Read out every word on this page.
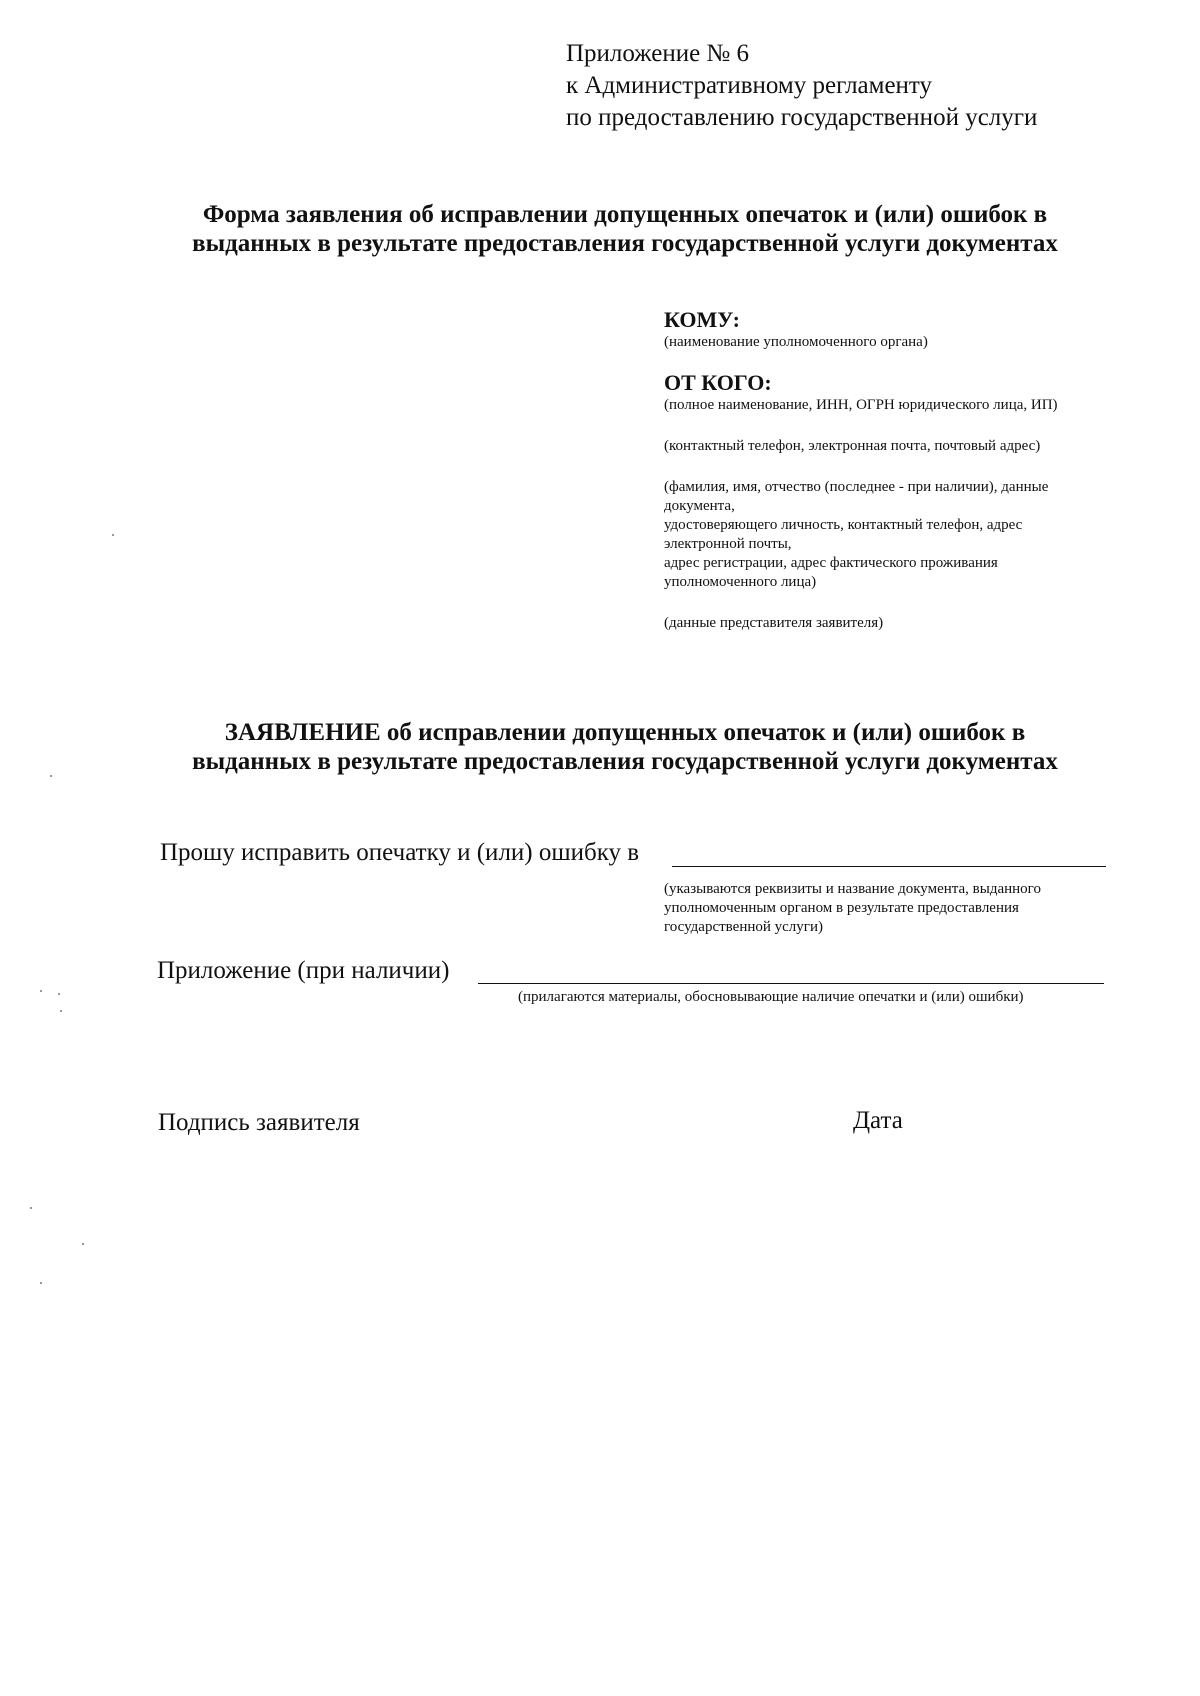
Приложение № 6
к Административному регламенту
по предоставлению государственной услуги
Форма заявления об исправлении допущенных опечаток и (или) ошибок в
выданных в результате предоставления государственной услуги документах

КОМУ:

(наименование уполномоченного органа)

ОТ КОГО:

(полное наименование, ИНН, ОГРН юридического лица, ИП)

(контактный телефон, электронная почта, почтовый адрес)

(фамилия, имя, отчество (последнее - при наличии), данные документа,

удостоверяющего личность, контактный телефон, адрес электронной почты,

адрес регистрации, адрес фактического проживания уполномоченного лица)

(данные представителя заявителя)

ЗАЯВЛЕНИЕ об исправлении допущенных опечаток и (или) ошибок в
выданных в результате предоставления государственной услуги документах
Прошу исправить опечатку и (или) ошибку в
(указываются реквизиты и название документа, выданного уполномоченным органом в результате предоставления государственной услуги)
Приложение (при наличии)
(прилагаются материалы, обосновывающие наличие опечатки и (или) ошибки)
Подпись заявителя	Дата
